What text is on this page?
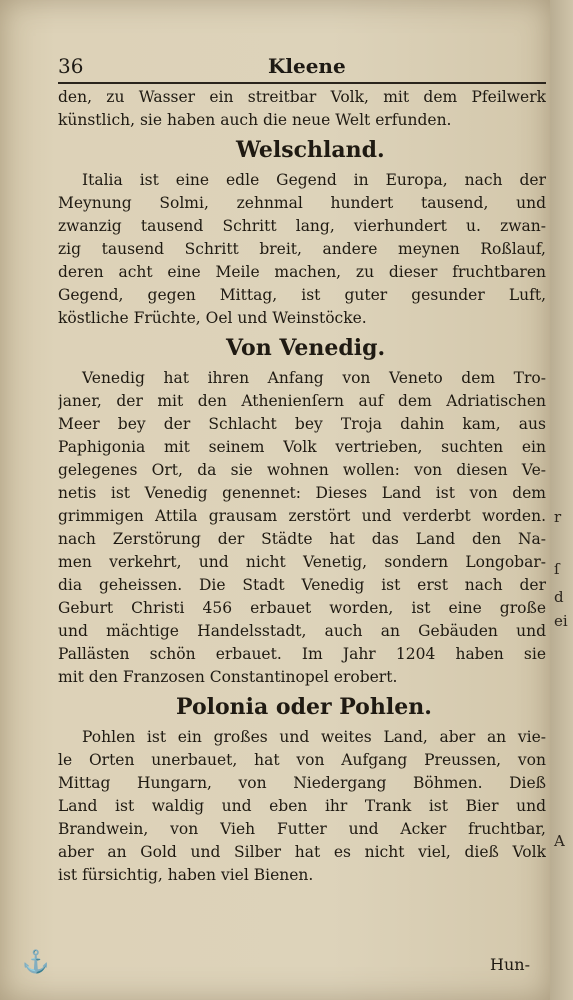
36	Kleene
den, zu Wasser ein streitbar Volk, mit dem Pfeilwerk
künstlich, sie haben auch die neue Welt erfunden.
Welschland.
Italia ist eine edle Gegend in Europa, nach der
Meynung Solmi, zehnmal hundert tausend, und
zwanzig tausend Schritt lang, vierhundert u. zwan-
zig tausend Schritt breit, andere meynen Roßlauf,
deren acht eine Meile machen, zu dieser fruchtbaren
Gegend, gegen Mittag, ist guter gesunder Luft,
köstliche Früchte, Oel und Weinstöcke.
Von Venedig.
Venedig hat ihren Anfang von Veneto dem Tro-
janer, der mit den Athenienſern auf dem Adriatischen
Meer bey der Schlacht bey Troja dahin kam, aus
Paphigonia mit seinem Volk vertrieben, suchten ein
gelegenes Ort, da sie wohnen wollen: von diesen Ve-
netis ist Venedig genennet: Dieses Land ist von dem
grimmigen Attila grausam zerstört und verderbt worden.
nach Zerstörung der Städte hat das Land den Na-
men verkehrt, und nicht Venetig, sondern Longobar-
dia geheissen. Die Stadt Venedig ist erst nach der
Geburt Christi 456 erbauet worden, ist eine große
und mächtige Handelsstadt, auch an Gebäuden und
Pallästen schön erbauet. Im Jahr 1204 haben sie
mit den Franzosen Constantinopel erobert.
Polonia oder Pohlen.
Pohlen ist ein großes und weites Land, aber an vie-
le Orten unerbauet, hat von Aufgang Preussen, von
Mittag Hungarn, von Niedergang Böhmen. Dieß
Land ist waldig und eben ihr Trank ist Bier und
Brandwein, von Vieh Futter und Acker fruchtbar,
aber an Gold und Silber hat es nicht viel, dieß Volk
ist fürsichtig, haben viel Bienen.
⚓	Hun-
r
ſ
d
ei
A
